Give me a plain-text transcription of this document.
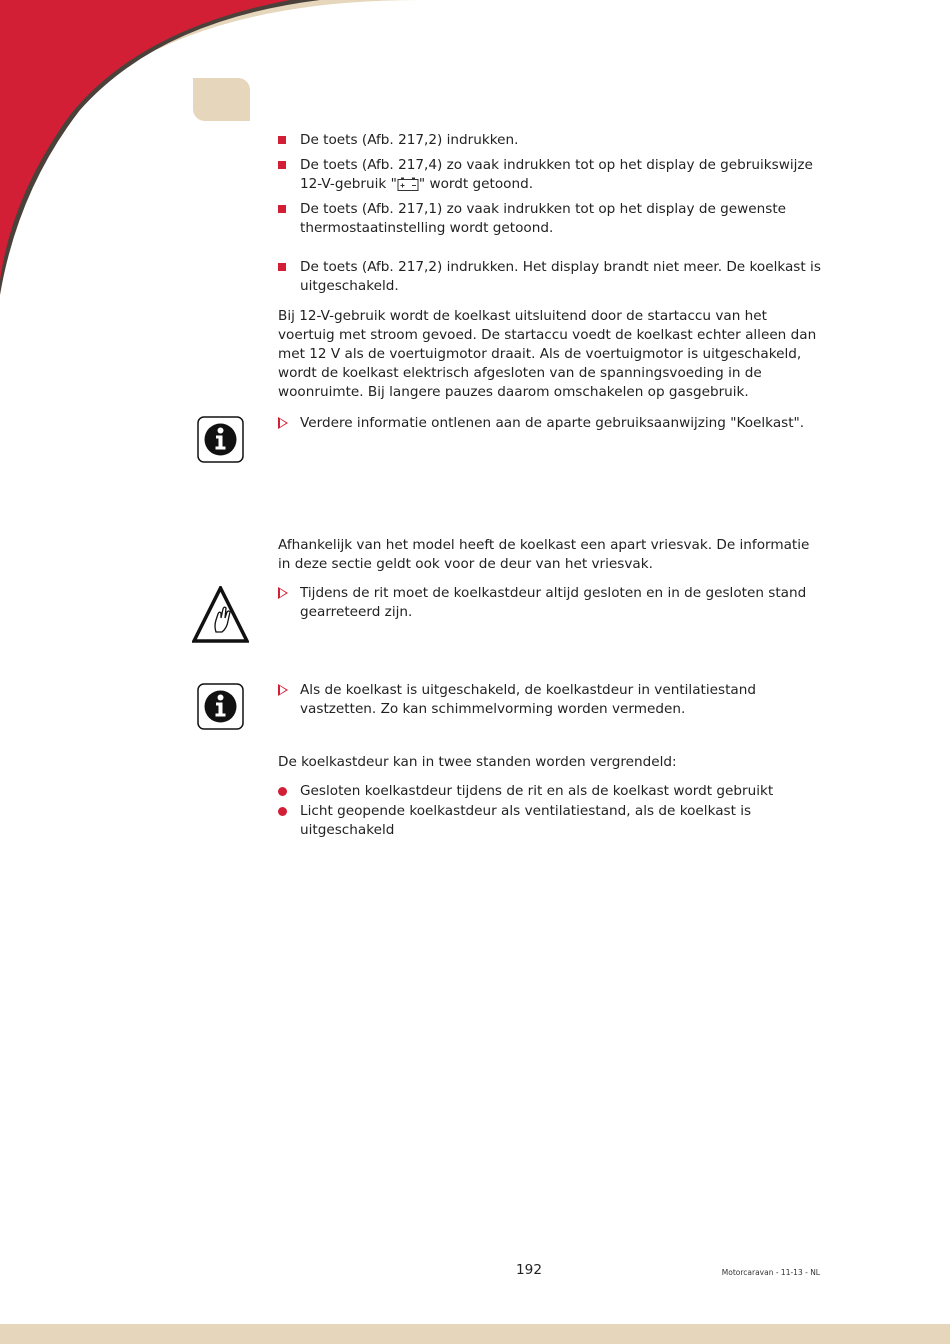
De toets (Afb. 217,2) indrukken.
De toets (Afb. 217,4) zo vaak indrukken tot op het display de gebruikswijze 12-V-gebruik " " wordt getoond.
De toets (Afb. 217,1) zo vaak indrukken tot op het display de gewenste thermostaatinstelling wordt getoond.
De toets (Afb. 217,2) indrukken. Het display brandt niet meer. De koelkast is uitgeschakeld.

Bij 12-V-gebruik wordt de koelkast uitsluitend door de startaccu van het voertuig met stroom gevoed. De startaccu voedt de koelkast echter alleen dan met 12 V als de voertuigmotor draait. Als de voertuigmotor is uitgeschakeld, wordt de koelkast elektrisch afgesloten van de spanningsvoeding in de woonruimte. Bij langere pauzes daarom omschakelen op gasgebruik.

Verdere informatie ontlenen aan de aparte gebruiksaanwijzing "Koelkast".

Afhankelijk van het model heeft de koelkast een apart vriesvak. De informatie in deze sectie geldt ook voor de deur van het vriesvak.

Tijdens de rit moet de koelkastdeur altijd gesloten en in de gesloten stand gearreteerd zijn.
Als de koelkast is uitgeschakeld, de koelkastdeur in ventilatiestand vastzetten. Zo kan schimmelvorming worden vermeden.

De koelkastdeur kan in twee standen worden vergrendeld:

Gesloten koelkastdeur tijdens de rit en als de koelkast wordt gebruikt
Licht geopende koelkastdeur als ventilatiestand, als de koelkast is uitgeschakeld
192	Motorcaravan - 11-13 - NL
